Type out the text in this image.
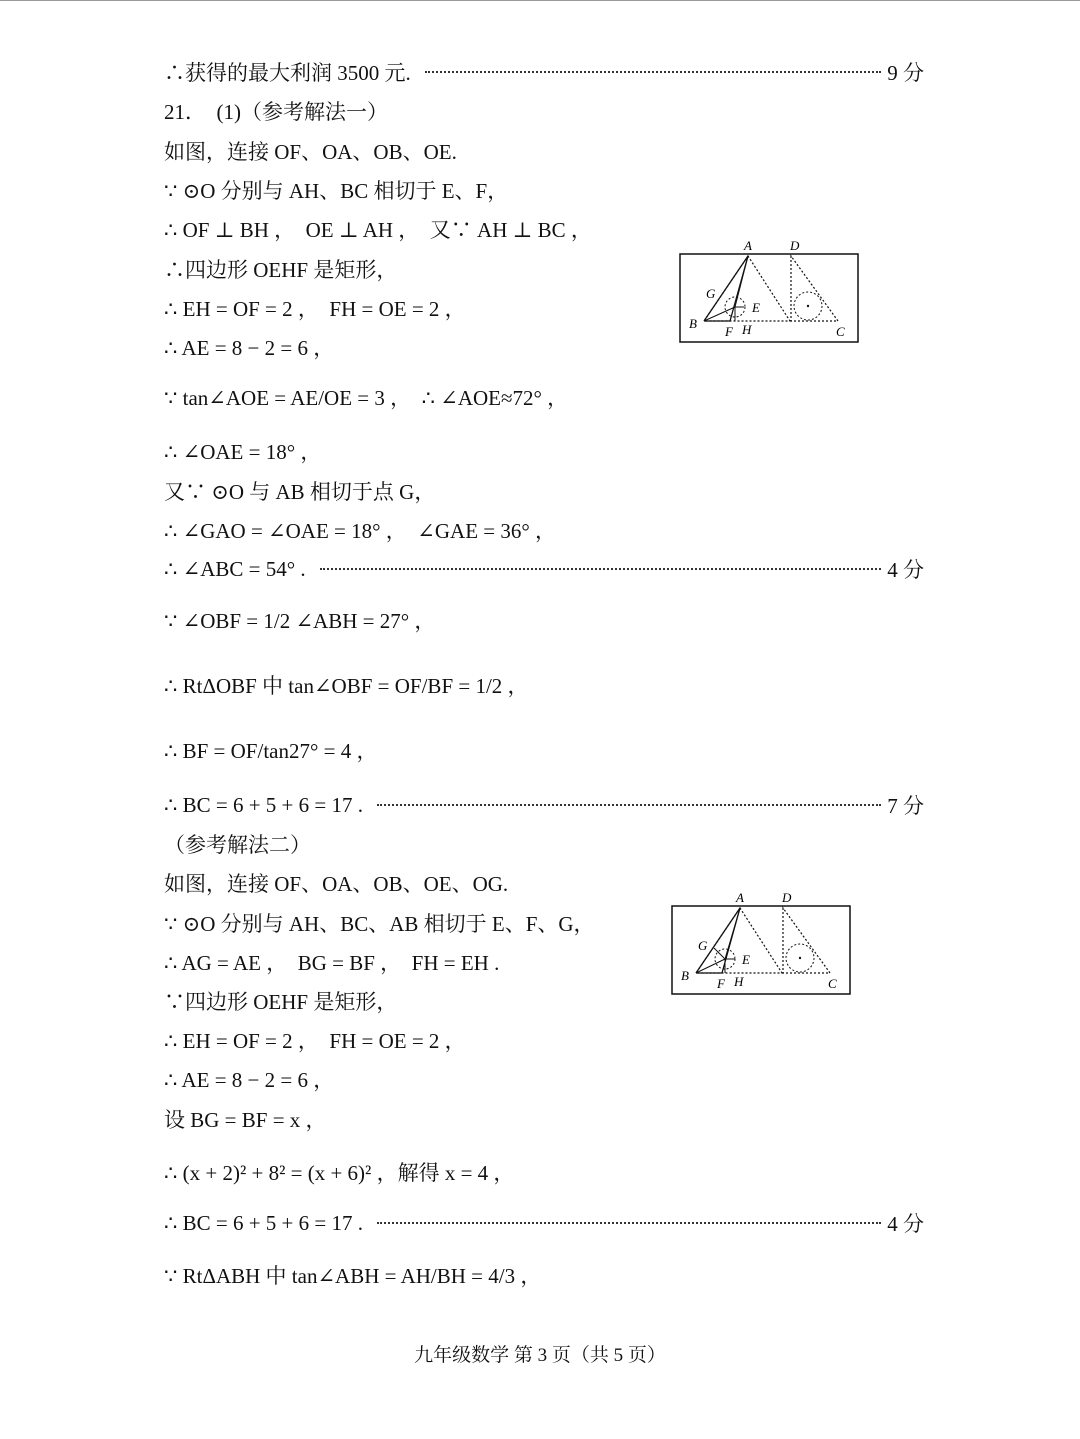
∴获得的最大利润 3500 元.	9 分
21．  (1)（参考解法一）
如图，连接 OF、OA、OB、OE.
∵ ⊙O 分别与 AH、BC 相切于 E、F，
∴ OF ⊥ BH ，  OE ⊥ AH ，  又∵ AH ⊥ BC ，
∴四边形 OEHF 是矩形，
∴ EH = OF = 2 ，  FH = OE = 2 ，
∴ AE = 8 − 2 = 6 ，
∵ tan∠AOE = AE/OE = 3 ，  ∴ ∠AOE≈72° ，
∴ ∠OAE = 18° ，
又∵ ⊙O 与 AB 相切于点 G，
∴ ∠GAO = ∠OAE = 18° ，  ∠GAE = 36° ，
∴ ∠ABC = 54° .	4 分
∵ ∠OBF = 1/2 ∠ABH = 27° ，
∴ RtΔOBF 中 tan∠OBF = OF/BF = 1/2 ，
∴ BF = OF/tan27° = 4 ，
∴ BC = 6 + 5 + 6 = 17 .	7 分
（参考解法二）
如图，连接 OF、OA、OB、OE、OG.
∵ ⊙O 分别与 AH、BC、AB 相切于 E、F、G，
∴ AG = AE ，  BG = BF ，  FH = EH .
∵四边形 OEHF 是矩形，
∴ EH = OF = 2 ，  FH = OE = 2 ，
∴ AE = 8 − 2 = 6 ，
设 BG = BF = x ，
∴ (x + 2)² + 8² = (x + 6)² ，解得 x = 4 ，
∴ BC = 6 + 5 + 6 = 17 .	4 分
∵ RtΔABH 中 tan∠ABH = AH/BH = 4/3 ，
A	D
G
E
B
F H	C
A	D
G
E
B
F H	C
九年级数学 第 3 页（共 5 页）
